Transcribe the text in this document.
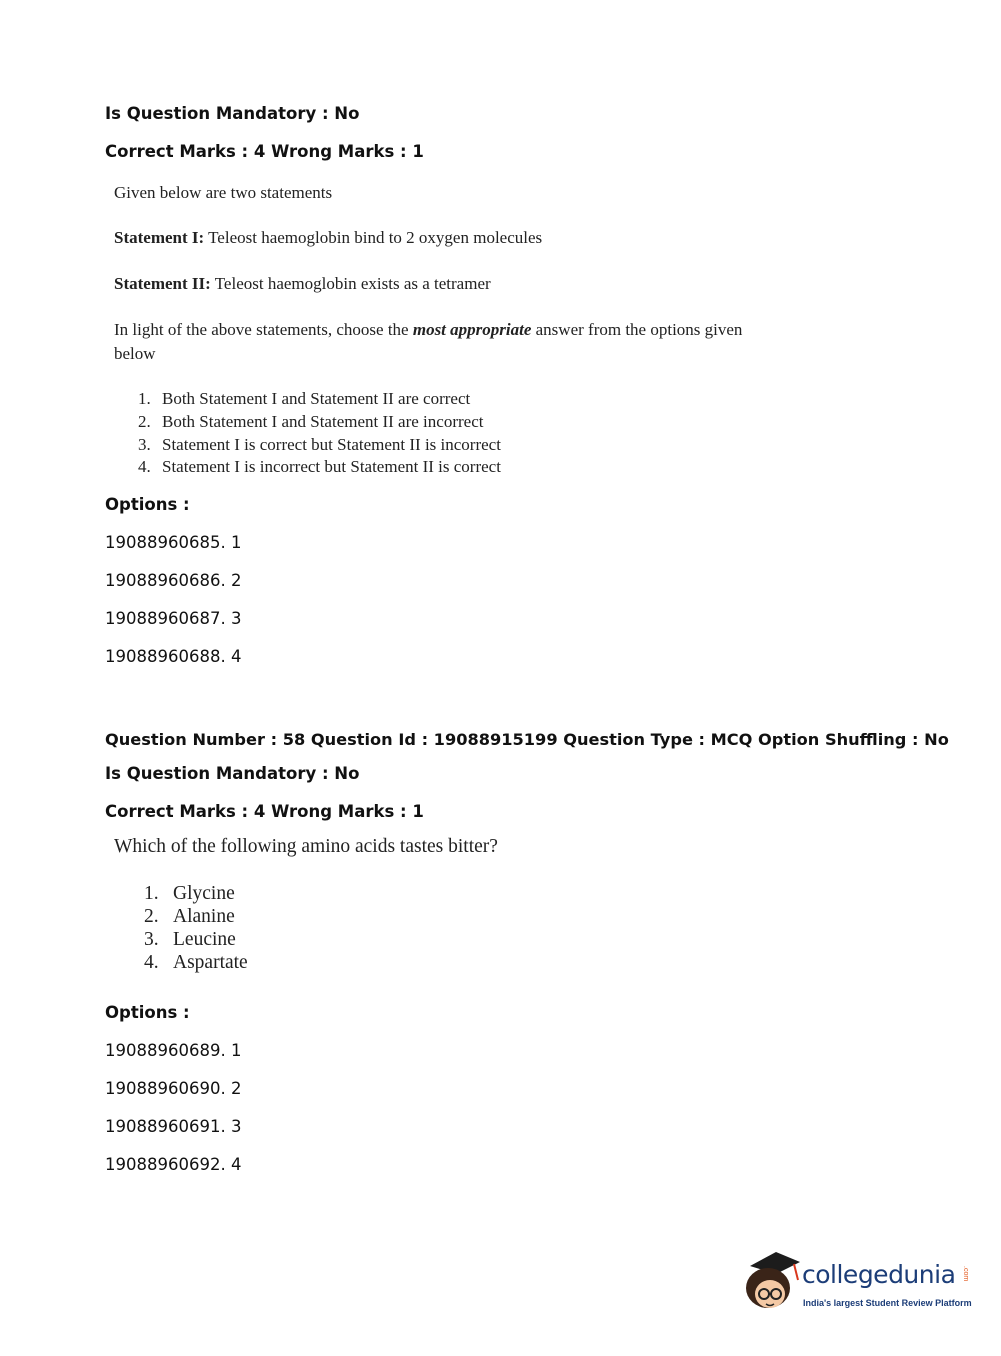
Is Question Mandatory : No
Correct Marks : 4 Wrong Marks : 1
Given below are two statements
Statement I: Teleost haemoglobin bind to 2 oxygen molecules
Statement II: Teleost haemoglobin exists as a tetramer
In light of the above statements, choose the most appropriate answer from the options given
below
1. Both Statement I and Statement II are correct
2. Both Statement I and Statement II are incorrect
3. Statement I is correct but Statement II is incorrect
4. Statement I is incorrect but Statement II is correct
Options :
19088960685. 1
19088960686. 2
19088960687. 3
19088960688. 4
Question Number : 58 Question Id : 19088915199 Question Type : MCQ Option Shuffling : No
Is Question Mandatory : No
Correct Marks : 4 Wrong Marks : 1
Which of the following amino acids tastes bitter?
1. Glycine
2. Alanine
3. Leucine
4. Aspartate
Options :
19088960689. 1
19088960690. 2
19088960691. 3
19088960692. 4
collegedunia .com
India's largest Student Review Platform
